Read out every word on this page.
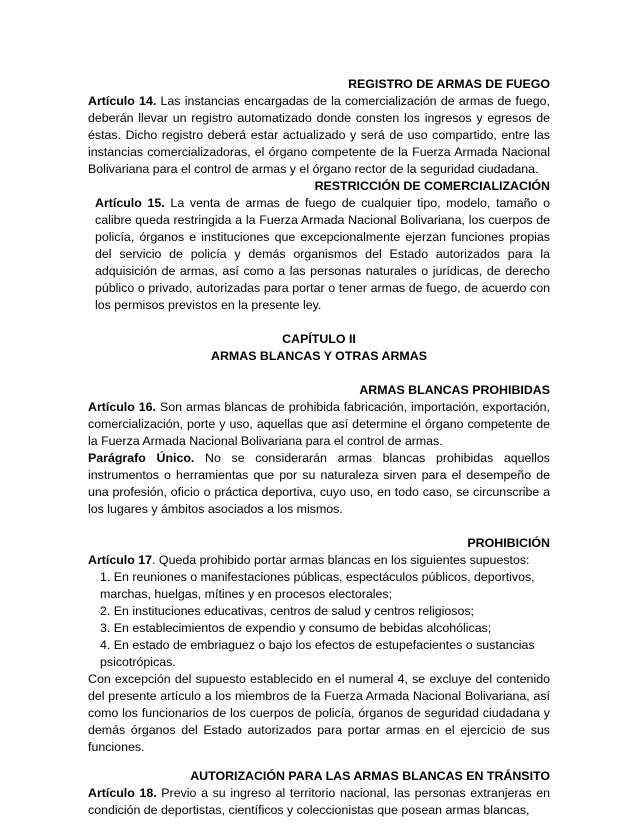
REGISTRO DE ARMAS DE FUEGO

Artículo 14. Las instancias encargadas de la comercialización de armas de fuego, deberán llevar un registro automatizado donde consten los ingresos y egresos de éstas. Dicho registro deberá estar actualizado y será de uso compartido, entre las instancias comercializadoras, el órgano competente de la Fuerza Armada Nacional Bolivariana para el control de armas y el órgano rector de la seguridad ciudadana.

RESTRICCIÓN DE COMERCIALIZACIÓN

Artículo 15. La venta de armas de fuego de cualquier tipo, modelo, tamaño o calibre queda restringida a la Fuerza Armada Nacional Bolivariana, los cuerpos de policía, órganos e instituciones que excepcionalmente ejerzan funciones propias del servicio de policía y demás organismos del Estado autorizados para la adquisición de armas, así como a las personas naturales o jurídicas, de derecho público o privado, autorizadas para portar o tener armas de fuego, de acuerdo con los permisos previstos en la presente ley.

CAPÍTULO II

ARMAS BLANCAS Y OTRAS ARMAS

ARMAS BLANCAS PROHIBIDAS

Artículo 16. Son armas blancas de prohibida fabricación, importación, exportación, comercialización, porte y uso, aquellas que así determine el órgano competente de la Fuerza Armada Nacional Bolivariana para el control de armas.

Parágrafo Único. No se considerarán armas blancas prohibidas aquellos instrumentos o herramientas que por su naturaleza sirven para el desempeño de una profesión, oficio o práctica deportiva, cuyo uso, en todo caso, se circunscribe a los lugares y ámbitos asociados a los mismos.

PROHIBICIÓN

Artículo 17. Queda prohibido portar armas blancas en los siguientes supuestos:

1. En reuniones o manifestaciones públicas, espectáculos públicos, deportivos, marchas, huelgas, mítines y en procesos electorales;

2. En instituciones educativas, centros de salud y centros religiosos;

3. En establecimientos de expendio y consumo de bebidas alcohólicas;

4. En estado de embriaguez o bajo los efectos de estupefacientes o sustancias psicotrópicas.

Con excepción del supuesto establecido en el numeral 4, se excluye del contenido del presente artículo a los miembros de la Fuerza Armada Nacional Bolivariana, así como los funcionarios de los cuerpos de policía, órganos de seguridad ciudadana y demás órganos del Estado autorizados para portar armas en el ejercicio de sus funciones.

AUTORIZACIÓN PARA LAS ARMAS BLANCAS EN TRÁNSITO

Artículo 18. Previo a su ingreso al territorio nacional, las personas extranjeras en condición de deportistas, científicos y coleccionistas que posean armas blancas,
